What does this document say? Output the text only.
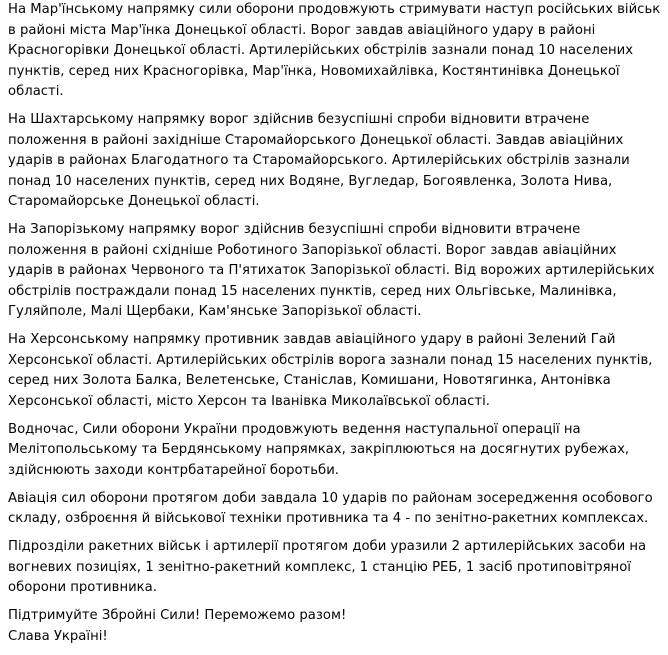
На Мар'їнському напрямку сили оборони продовжують стримувати наступ російських військ
в районі міста Мар'їнка Донецької області. Ворог завдав авіаційного удару в районі
Красногорівки Донецької області. Артилерійських обстрілів зазнали понад 10 населених
пунктів, серед них Красногорівка, Мар'їнка, Новомихайлівка, Костянтинівка Донецької
області.

На Шахтарському напрямку ворог здійснив безуспішні спроби відновити втрачене
положення в районі західніше Старомайорського Донецької області. Завдав авіаційних
ударів в районах Благодатного та Старомайорського. Артилерійських обстрілів зазнали
понад 10 населених пунктів, серед них Водяне, Вугледар, Богоявленка, Золота Нива,
Старомайорське Донецької області.

На Запорізькому напрямку ворог здійснив безуспішні спроби відновити втрачене
положення в районі східніше Роботиного Запорізької області. Ворог завдав авіаційних
ударів в районах Червоного та П'ятихаток Запорізької області. Від ворожих артилерійських
обстрілів постраждали понад 15 населених пунктів, серед них Ольгівське, Малинівка,
Гуляйполе, Малі Щербаки, Кам'янське Запорізької області.

На Херсонському напрямку противник завдав авіаційного удару в районі Зелений Гай
Херсонської області. Артилерійських обстрілів ворога зазнали понад 15 населених пунктів,
серед них Золота Балка, Велетенське, Станіслав, Комишани, Новотягинка, Антонівка
Херсонської області, місто Херсон та Іванівка Миколаївської області.

Водночас, Сили оборони України продовжують ведення наступальної операції на
Мелітопольському та Бердянському напрямках, закріплюються на досягнутих рубежах,
здійснюють заходи контрбатарейної боротьби.

Авіація сил оборони протягом доби завдала 10 ударів по районам зосередження особового
складу, озброєння й військової техніки противника та 4 - по зенітно-ракетних комплексах.

Підрозділи ракетних військ і артилерії протягом доби уразили 2 артилерійських засоби на
вогневих позиціях, 1 зенітно-ракетний комплекс, 1 станцію РЕБ, 1 засіб протиповітряної
оборони противника.

Підтримуйте Збройні Сили! Переможемо разом!
Слава Україні!
